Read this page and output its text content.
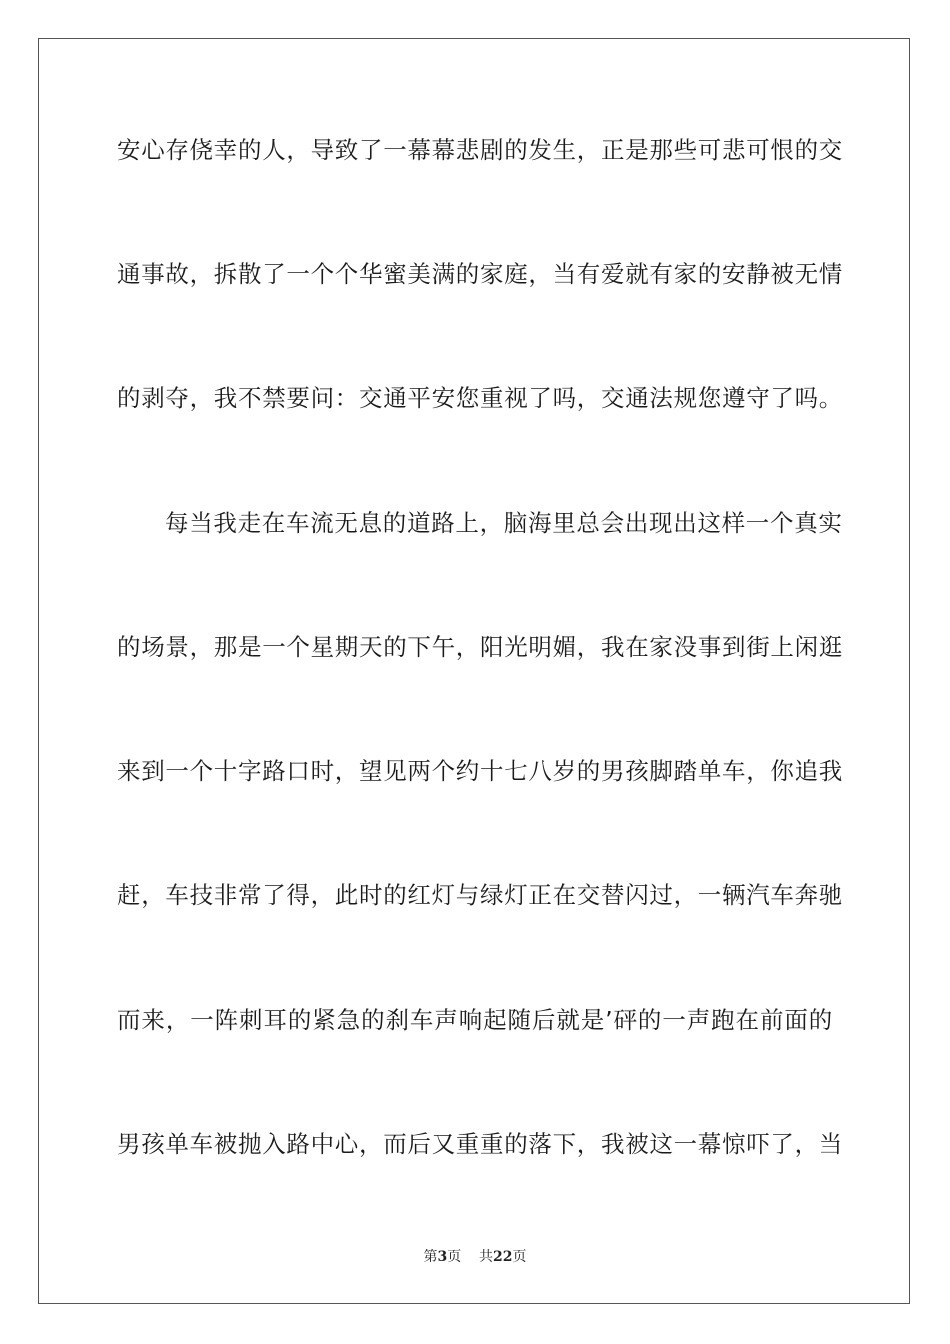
安心存侥幸的人，导致了一幕幕悲剧的发生，正是那些可悲可恨的交
通事故，拆散了一个个华蜜美满的家庭，当有爱就有家的安静被无情
的剥夺，我不禁要问：交通平安您重视了吗，交通法规您遵守了吗。
每当我走在车流无息的道路上，脑海里总会出现出这样一个真实
的场景，那是一个星期天的下午，阳光明媚，我在家没事到街上闲逛
来到一个十字路口时，望见两个约十七八岁的男孩脚踏单车，你追我
赶，车技非常了得，此时的红灯与绿灯正在交替闪过，一辆汽车奔驰
而来，一阵刺耳的紧急的刹车声响起随后就是’砰的一声跑在前面的
男孩单车被抛入路中心，而后又重重的落下，我被这一幕惊吓了，当
第3页 共22页
